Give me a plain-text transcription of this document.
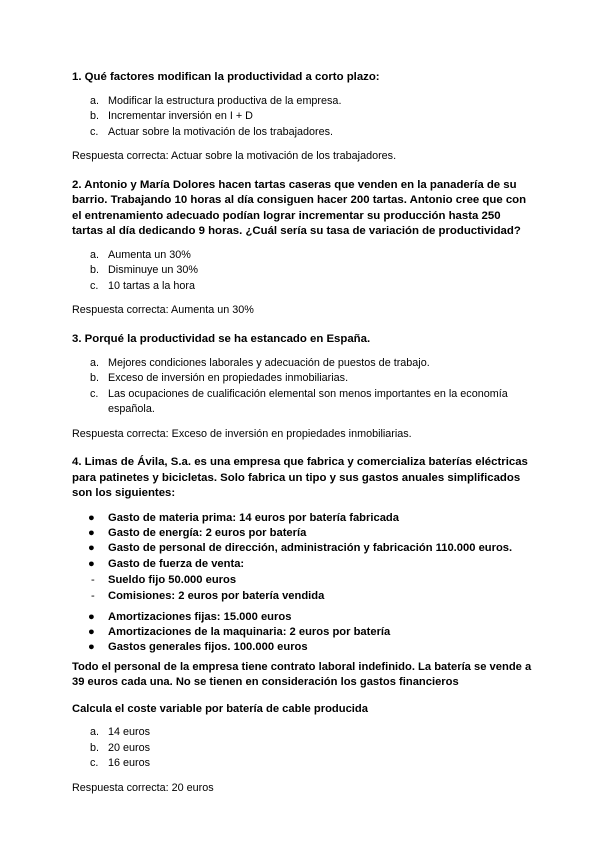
1. Qué factores modifican la productividad a corto plazo:

a. Modificar la estructura productiva de la empresa.
b. Incrementar inversión en I + D
c. Actuar sobre la motivación de los trabajadores.

Respuesta correcta: Actuar sobre la motivación de los trabajadores.

2. Antonio y María Dolores hacen tartas caseras que venden en la panadería de su barrio. Trabajando 10 horas al día consiguen hacer 200 tartas. Antonio cree que con el entrenamiento adecuado podían lograr incrementar su producción hasta 250 tartas al día dedicando 9 horas. ¿Cuál sería su tasa de variación de productividad?

a. Aumenta un 30%
b. Disminuye un 30%
c. 10 tartas a la hora

Respuesta correcta: Aumenta un 30%

3. Porqué la productividad se ha estancado en España.

a. Mejores condiciones laborales y adecuación de puestos de trabajo.
b. Exceso de inversión en propiedades inmobiliarias.
c. Las ocupaciones de cualificación elemental son menos importantes en la economía española.

Respuesta correcta: Exceso de inversión en propiedades inmobiliarias.

4. Limas de Ávila, S.a. es una empresa que fabrica y comercializa baterías eléctricas para patinetes y bicicletas. Solo fabrica un tipo y sus gastos anuales simplificados son los siguientes:

● Gasto de materia prima: 14 euros por batería fabricada
● Gasto de energía: 2 euros por batería
● Gasto de personal de dirección, administración y fabricación 110.000 euros.
● Gasto de fuerza de venta:
- Sueldo fijo 50.000 euros
- Comisiones: 2 euros por batería vendida
● Amortizaciones fijas: 15.000 euros
● Amortizaciones de la maquinaria: 2 euros por batería
● Gastos generales fijos. 100.000 euros

Todo el personal de la empresa tiene contrato laboral indefinido. La batería se vende a 39 euros cada una. No se tienen en consideración los gastos financieros

Calcula el coste variable por batería de cable producida

a. 14 euros
b. 20 euros
c. 16 euros

Respuesta correcta: 20 euros
